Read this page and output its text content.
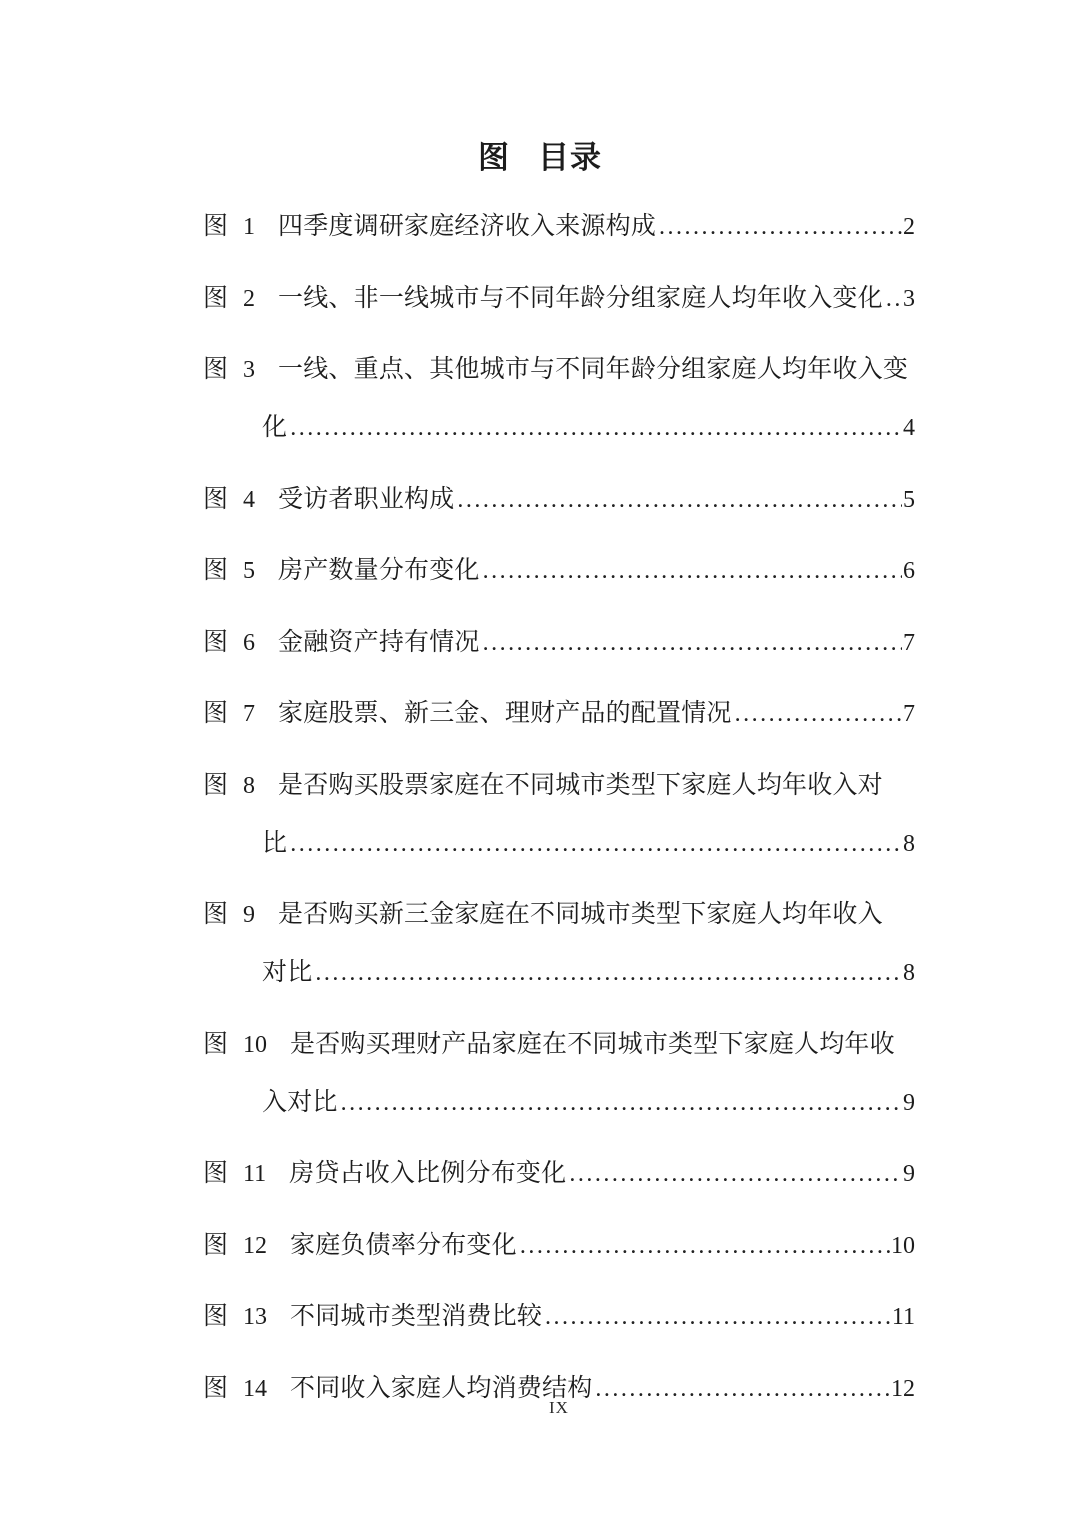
图 目录
图 1 四季度调研家庭经济收入来源构成 .....	2
图 2 一线、非一线城市与不同年龄分组家庭人均年收入变化 ..... 3
图 3 一线、重点、其他城市与不同年龄分组家庭人均年收入变
化 .....	4
图 4 受访者职业构成 .....	5
图 5 房产数量分布变化 .....	6
图 6 金融资产持有情况 .....	7
图 7 家庭股票、新三金、理财产品的配置情况 .....	7
图 8 是否购买股票家庭在不同城市类型下家庭人均年收入对
比 .....	8
图 9 是否购买新三金家庭在不同城市类型下家庭人均年收入
对比 .....	8
图 10 是否购买理财产品家庭在不同城市类型下家庭人均年收
入对比 .....	9
图 11 房贷占收入比例分布变化 .....	9
图 12 家庭负债率分布变化 .....	10
图 13 不同城市类型消费比较 .....	11
图 14 不同收入家庭人均消费结构 .....	12
IX
